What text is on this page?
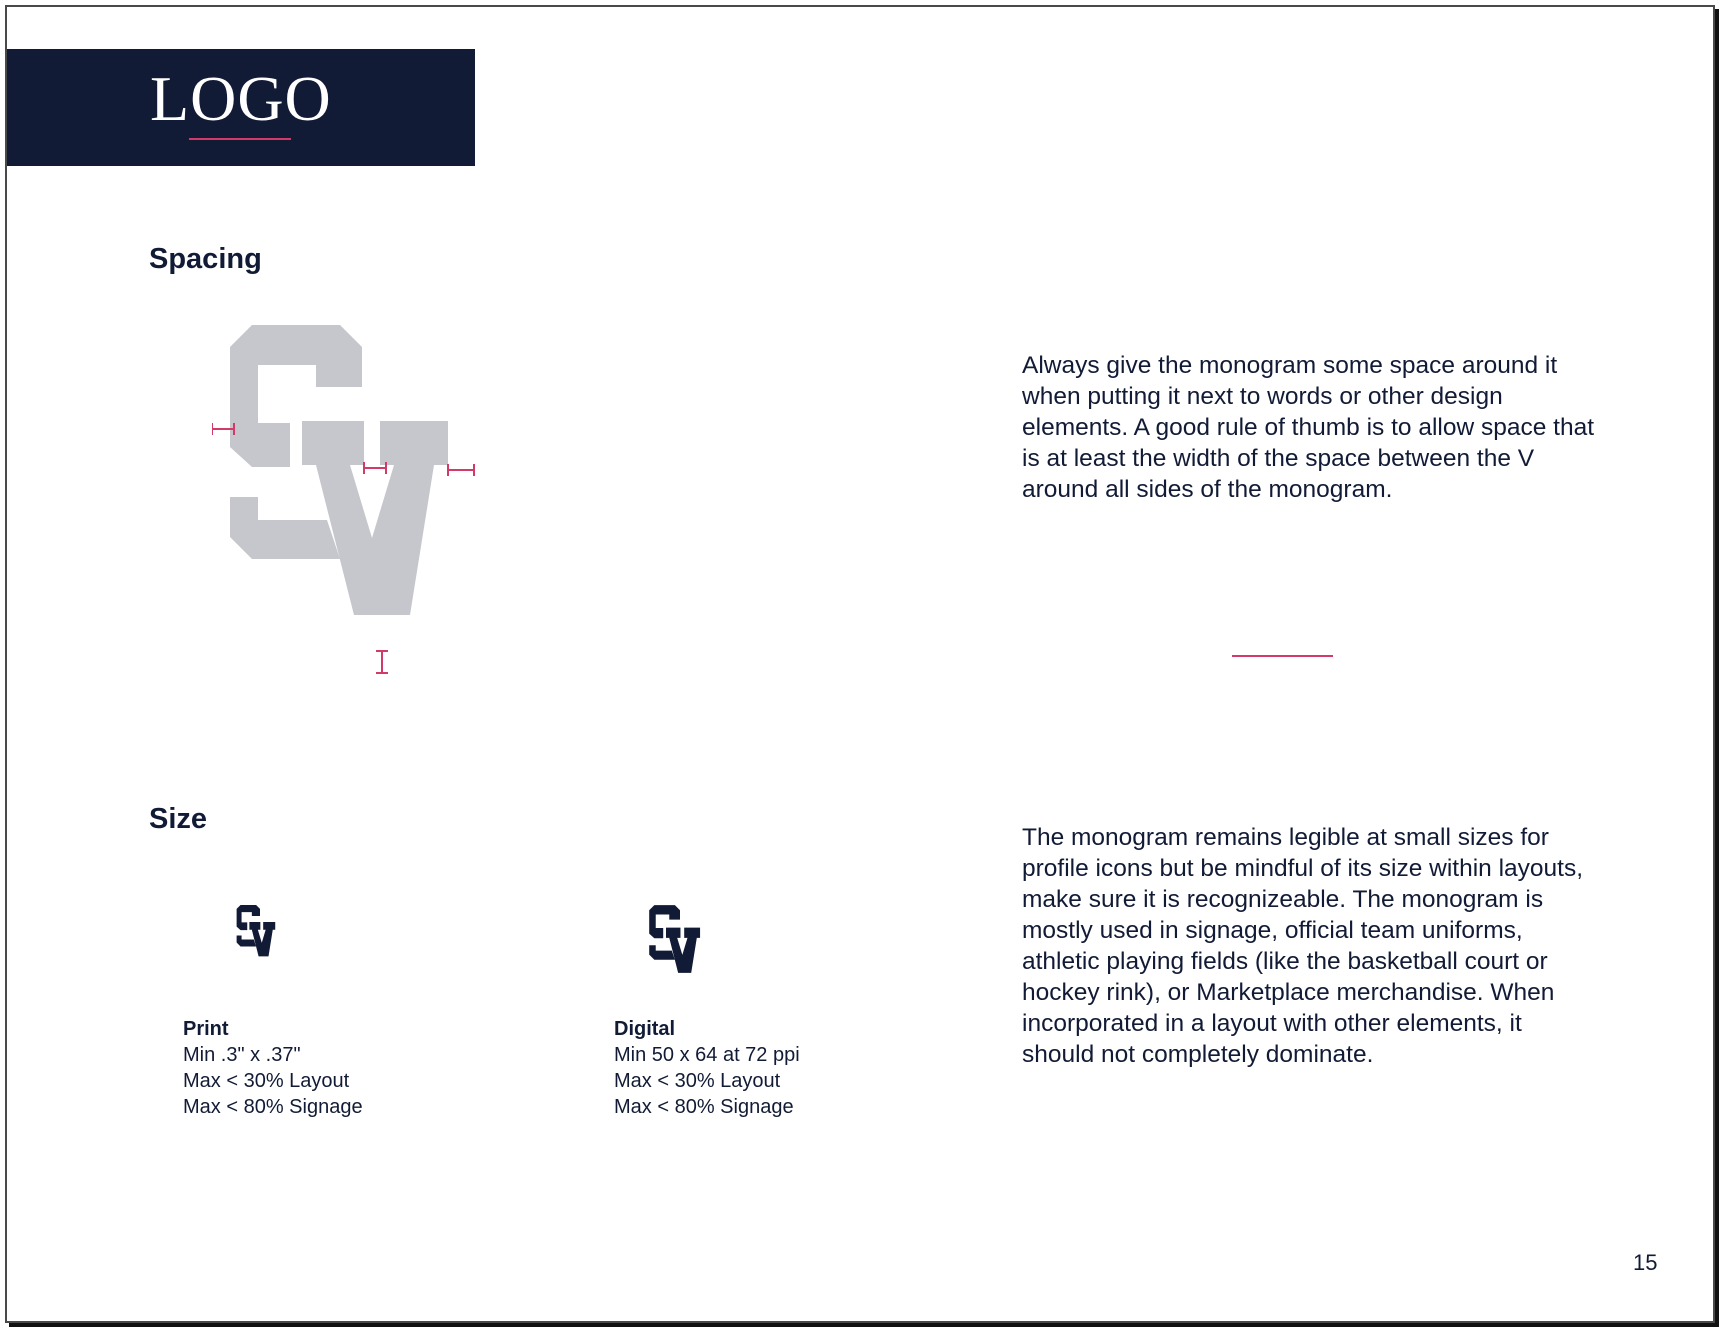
LOGO
Spacing

Always give the monogram some space around it when putting it next to words or other design elements. A good rule of thumb is to allow space that is at least the width of the space between the V around all sides of the monogram.

Size
Print
Min .3" x .37"
Max < 30% Layout
Max < 80% Signage
Digital
Min 50 x 64 at 72 ppi
Max < 30% Layout
Max < 80% Signage

The monogram remains legible at small sizes for profile icons but be mindful of its size within layouts, make sure it is recognizeable. The monogram is mostly used in signage, official team uniforms, athletic playing fields (like the basketball court or hockey rink), or Marketplace merchandise. When incorporated in a layout with other elements, it should not completely dominate.

15
